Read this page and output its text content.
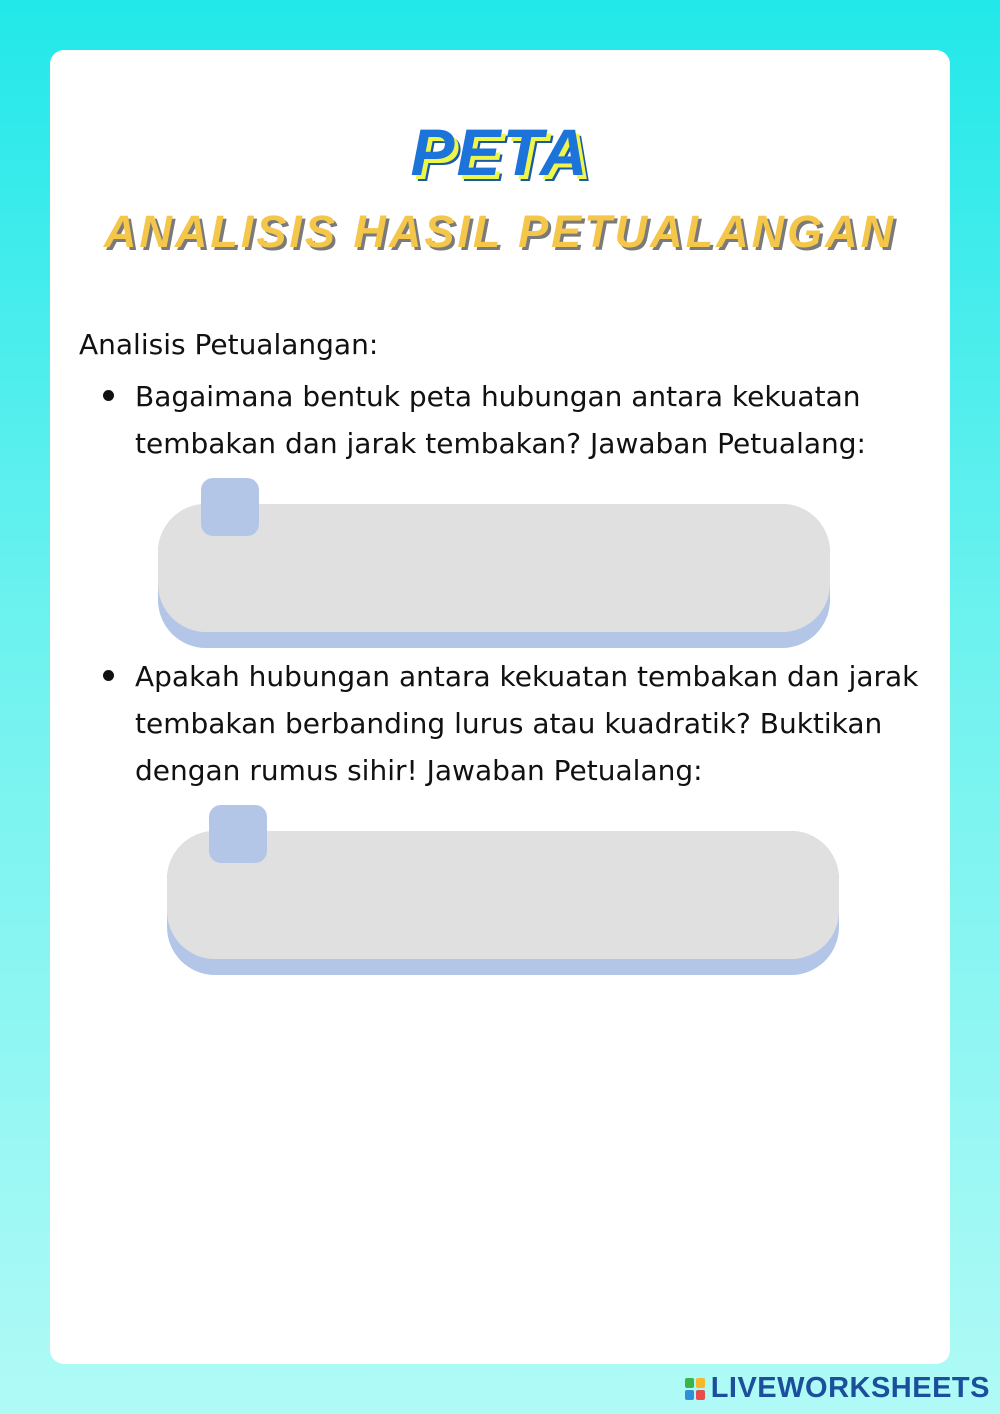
PETA
ANALISIS HASIL PETUALANGAN

Analisis Petualangan:

Bagaimana bentuk peta hubungan antara kekuatan tembakan dan jarak tembakan? Jawaban Petualang:

Apakah hubungan antara kekuatan tembakan dan jarak tembakan berbanding lurus atau kuadratik? Buktikan dengan rumus sihir! Jawaban Petualang:

LIVEWORKSHEETS
